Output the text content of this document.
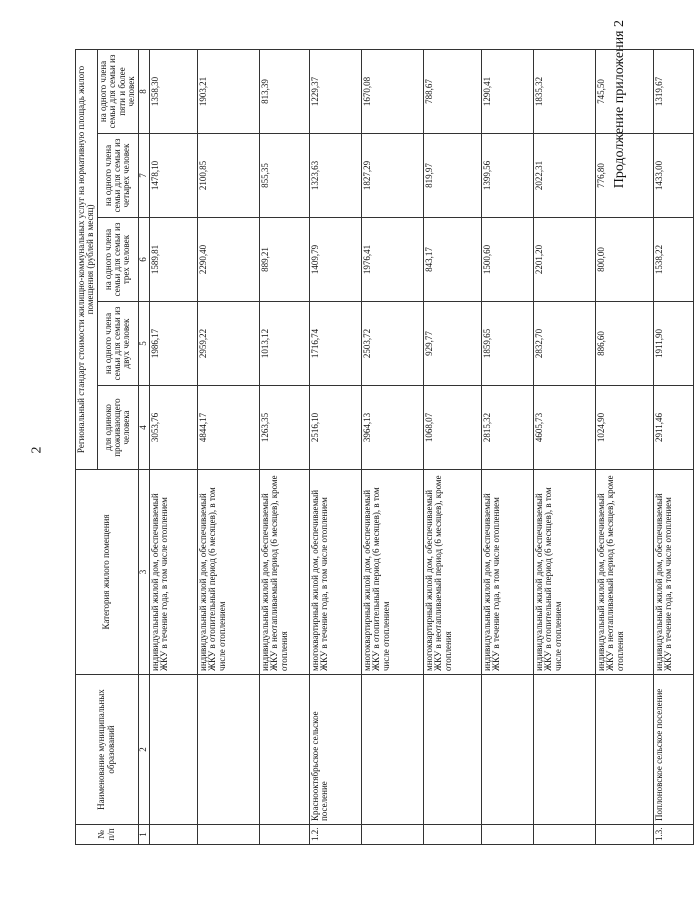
2
Продолжение приложения 2
№ п/п	Наименование муниципальных образований	Категория жилого помещения	Региональный стандарт стоимости жилищно-коммунальных услуг на нормативную площадь жилого помещения (рублей в месяц)				
			для одиноко проживающего человека	на одного члена семьи для семьи из двух человек	на одного члена семьи для семьи из трех человек	на одного члена семьи для семьи из четырех человек	на одного члена семьи для семьи из пяти и более человек
1	2	3	4	5	6	7	8
		индивидуальный жилой дом, обеспечиваемый ЖКУ в течение года, в том числе отоплением	3053,76	1986,17	1589,81	1478,10	1358,30
		индивидуальный жилой дом, обеспечиваемый ЖКУ в отопительный период (6 месяцев), в том числе отоплением	4844,17	2959,22	2290,40	2100,85	1903,21
		индивидуальный жилой дом, обеспечиваемый ЖКУ в неотапливаемый период (6 месяцев), кроме отопления	1263,35	1013,12	889,21	855,35	813,39
1.2.	Краснооктябрьское сельское поселение	многоквартирный жилой дом, обеспечиваемый ЖКУ в течение года, в том числе отоплением	2516,10	1716,74	1409,79	1323,63	1229,37
		многоквартирный жилой дом, обеспечиваемый ЖКУ в отопительный период (6 месяцев), в том числе отоплением	3964,13	2503,72	1976,41	1827,29	1670,08
		многоквартирный жилой дом, обеспечиваемый ЖКУ в неотапливаемый период (6 месяцев), кроме отопления	1068,07	929,77	843,17	819,97	788,67
		индивидуальный жилой дом, обеспечиваемый ЖКУ в течение года, в том числе отоплением	2815,32	1859,65	1500,60	1399,56	1290,41
		индивидуальный жилой дом, обеспечиваемый ЖКУ в отопительный период (6 месяцев), в том числе отоплением	4605,73	2832,70	2201,20	2022,31	1835,32
		индивидуальный жилой дом, обеспечиваемый ЖКУ в неотапливаемый период (6 месяцев), кроме отопления	1024,90	886,60	800,00	776,80	745,50
1.3.	Поплоновское сельское поселение	индивидуальный жилой дом, обеспечиваемый ЖКУ в течение года, в том числе отоплением	2911,46	1911,90	1538,22	1433,00	1319,67
